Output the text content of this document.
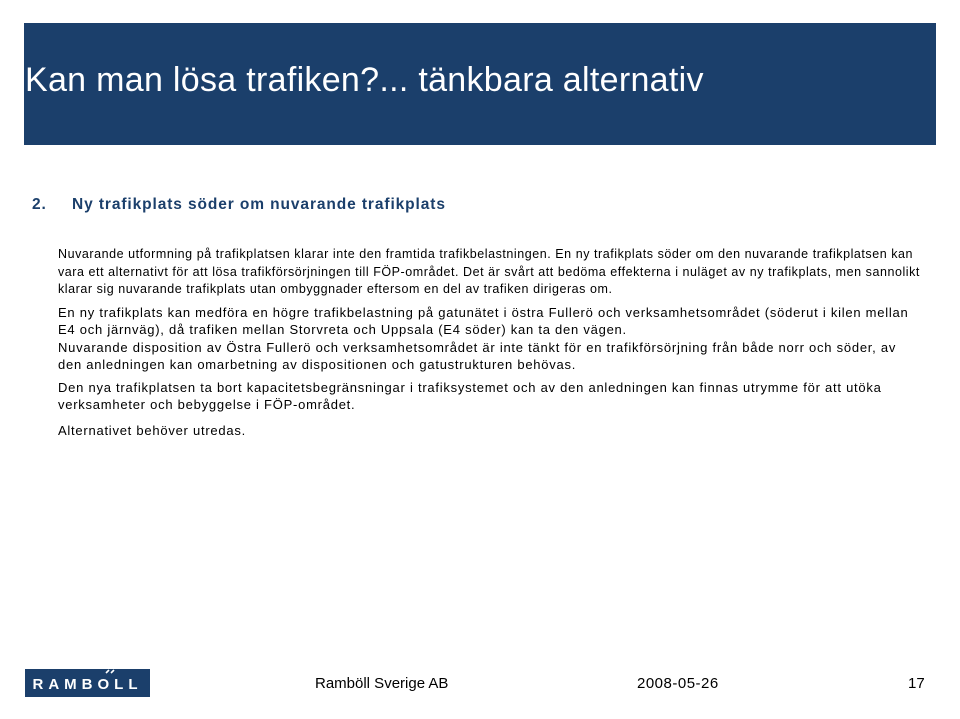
Kan man lösa trafiken?... tänkbara alternativ
2. Ny trafikplats söder om nuvarande trafikplats

Nuvarande utformning på trafikplatsen klarar inte den framtida trafikbelastningen. En ny trafikplats söder om den nuvarande trafikplatsen kan vara ett alternativt för att lösa trafikförsörjningen till FÖP-området. Det är svårt att bedöma effekterna i nuläget av ny trafikplats, men sannolikt klarar sig nuvarande trafikplats utan ombyggnader eftersom en del av trafiken dirigeras om.

En ny trafikplats kan medföra en högre trafikbelastning på gatunätet i östra Fullerö och verksamhetsområdet (söderut i kilen mellan E4 och järnväg), då trafiken mellan Storvreta och Uppsala (E4 söder) kan ta den vägen.

Nuvarande disposition av Östra Fullerö och verksamhetsområdet är inte tänkt för en trafikförsörjning från både norr och söder, av den anledningen kan omarbetning av dispositionen och gatustrukturen behövas.

Den nya trafikplatsen ta bort kapacitetsbegränsningar i trafiksystemet och av den anledningen kan finnas utrymme för att utöka verksamheter och bebyggelse i FÖP-området.

Alternativet behöver utredas.

RAMBOLL	Ramböll Sverige AB	2008-05-26	17
